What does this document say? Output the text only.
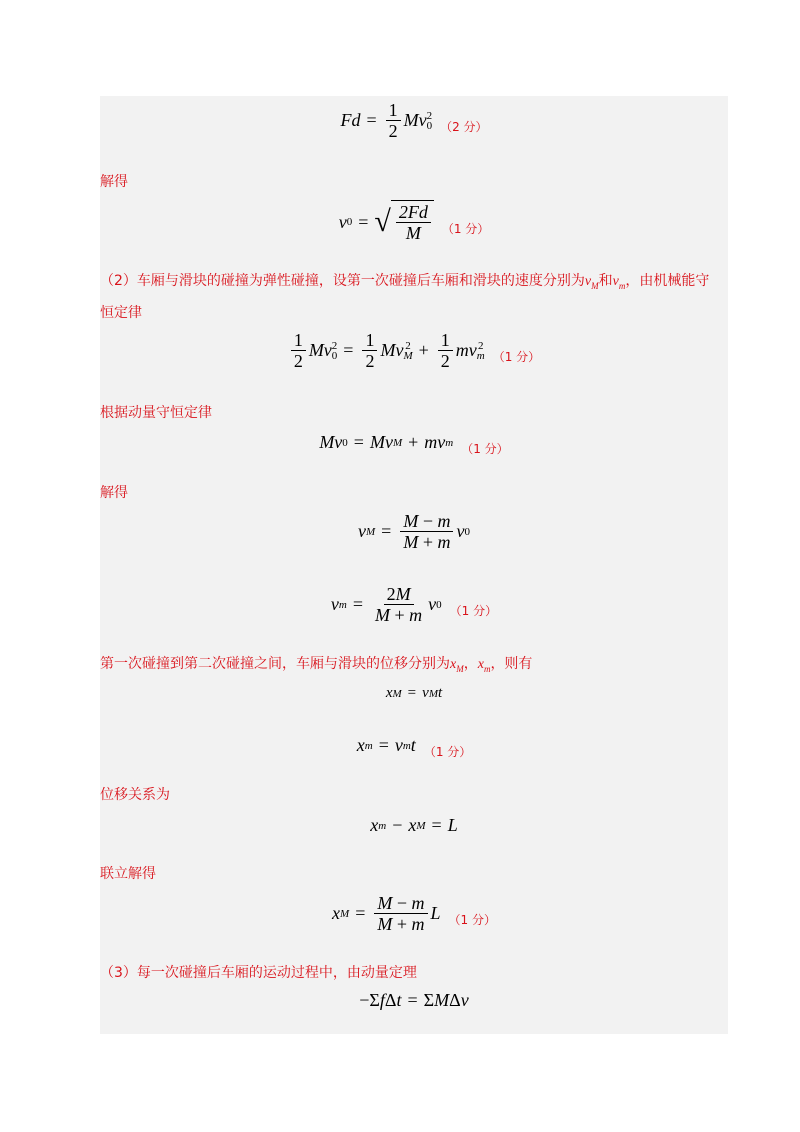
$Fd = \frac{1}{2}$ Mv 2
0 （2 分）
解得
v 0 = √ $\frac{2Fd}{M} (1$ 分）
（2）车厢与滑块的碰撞为弹性碰撞，设第一次碰撞后车厢和滑块的速度分别为$v_M$和$v_m$，由机械能守
恒定律
$\frac{1}{2}$ Mv 2
$0 = \frac{1}{2}$ Mv 2
$M + \frac{1}{2}$ mv 2
m （1 分）
根据动量守恒定律
Mv 0 = Mv M + mv m （1 分）
解得
v $M = \frac{M - m}{M + m}$ v 0
v $m = \frac{2M}{M + m}$ v 0 （1 分）
第一次碰撞到第二次碰撞之间，车厢与滑块的位移分别为$x_M$，$x_m$，则有
x M = v M t
x m = v m t （1 分）
位移关系为
x m − x M = L
联立解得
x $M = \frac{M - m}{M + m}$ L （1 分）
（3）每一次碰撞后车厢的运动过程中，由动量定理
−Σ f Δ t = Σ M Δ v
